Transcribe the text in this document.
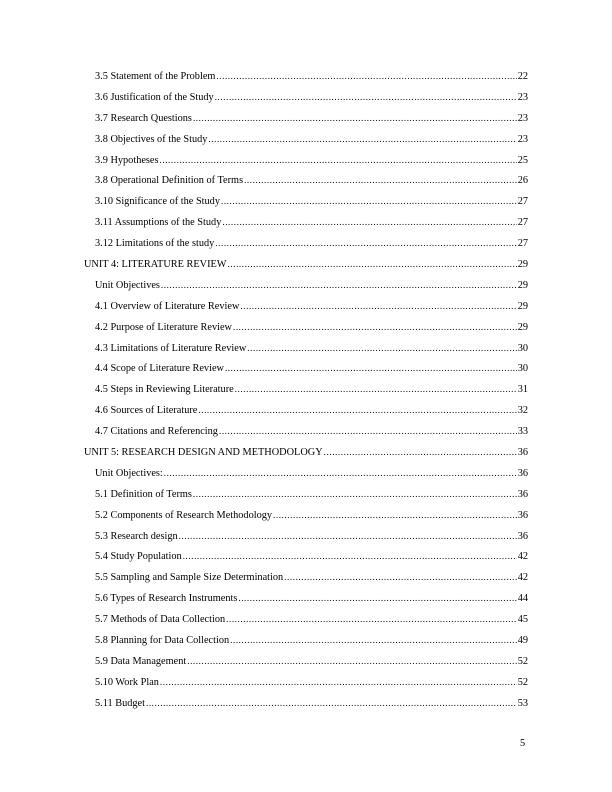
3.5 Statement of the Problem .....	22
3.6 Justification of the Study .....	23
3.7 Research Questions .....	23
3.8 Objectives of the Study .....	23
3.9 Hypotheses .....	25
3.8 Operational Definition of Terms .....	26
3.10 Significance of the Study .....	27
3.11 Assumptions of the Study .....	27
3.12 Limitations of the study .....	27
UNIT 4: LITERATURE REVIEW .....	29
Unit Objectives .....	29
4.1 Overview of Literature Review .....	29
4.2 Purpose of Literature Review .....	29
4.3 Limitations of Literature Review .....	30
4.4 Scope of Literature Review .....	30
4.5 Steps in Reviewing Literature .....	31
4.6 Sources of Literature .....	32
4.7 Citations and Referencing .....	33
UNIT 5: RESEARCH DESIGN AND METHODOLOGY .....	36
Unit Objectives: .....	36
5.1 Definition of Terms .....	36
5.2 Components of Research Methodology .....	36
5.3 Research design .....	36
5.4 Study Population .....	42
5.5 Sampling and Sample Size Determination .....	42
5.6 Types of Research Instruments .....	44
5.7 Methods of Data Collection .....	45
5.8 Planning for Data Collection .....	49
5.9 Data Management .....	52
5.10 Work Plan .....	52
5.11 Budget .....	53
5
